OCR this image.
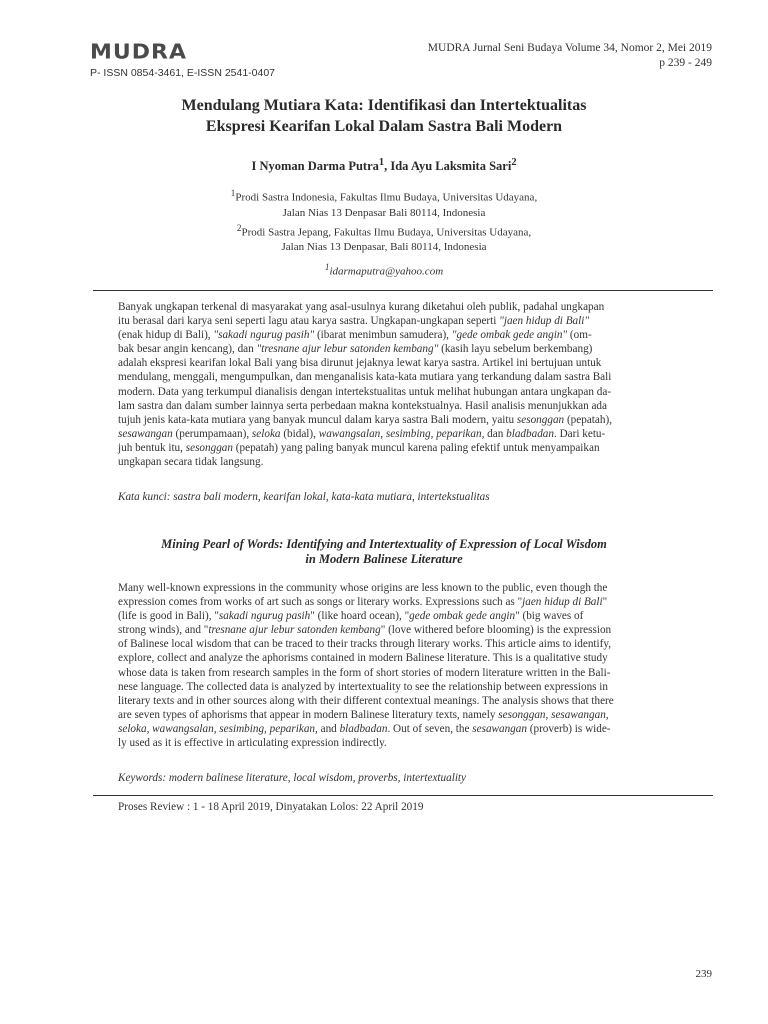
MUDRA
P- ISSN 0854-3461, E-ISSN 2541-0407
MUDRA Jurnal Seni Budaya Volume 34, Nomor 2, Mei 2019
p 239 - 249
Mendulang Mutiara Kata: Identifikasi dan Intertektualitas
Ekspresi Kearifan Lokal Dalam Sastra Bali Modern
I Nyoman Darma Putra$^1$, Ida Ayu Laksmita Sari$^2$
$^1$Prodi Sastra Indonesia, Fakultas Ilmu Budaya, Universitas Udayana,
Jalan Nias 13 Denpasar Bali 80114, Indonesia
$^2$Prodi Sastra Jepang, Fakultas Ilmu Budaya, Universitas Udayana,
Jalan Nias 13 Denpasar, Bali 80114, Indonesia
$^1$idarmaputra@yahoo.com
Banyak ungkapan terkenal di masyarakat yang asal-usulnya kurang diketahui oleh publik, padahal ungkapan
itu berasal dari karya seni seperti lagu atau karya sastra. Ungkapan-ungkapan seperti "jaen hidup di Bali"
(enak hidup di Bali), "sakadi ngurug pasih" (ibarat menimbun samudera), "gede ombak gede angin" (om-
bak besar angin kencang), dan "tresnane ajur lebur satonden kembang" (kasih layu sebelum berkembang)
adalah ekspresi kearifan lokal Bali yang bisa dirunut jejaknya lewat karya sastra. Artikel ini bertujuan untuk
mendulang, menggali, mengumpulkan, dan menganalisis kata-kata mutiara yang terkandung dalam sastra Bali
modern. Data yang terkumpul dianalisis dengan intertekstualitas untuk melihat hubungan antara ungkapan da-
lam sastra dan dalam sumber lainnya serta perbedaan makna kontekstualnya. Hasil analisis menunjukkan ada
tujuh jenis kata-kata mutiara yang banyak muncul dalam karya sastra Bali modern, yaitu sesonggan (pepatah),
sesawangan (perumpamaan), seloka (bidal), wawangsalan, sesimbing, peparikan, dan bladbadan. Dari ketu-
juh bentuk itu, sesonggan (pepatah) yang paling banyak muncul karena paling efektif untuk menyampaikan
ungkapan secara tidak langsung.
Kata kunci: sastra bali modern, kearifan lokal, kata-kata mutiara, intertekstualitas
Mining Pearl of Words: Identifying and Intertextuality of Expression of Local Wisdom
in Modern Balinese Literature
Many well-known expressions in the community whose origins are less known to the public, even though the
expression comes from works of art such as songs or literary works. Expressions such as "jaen hidup di Bali"
(life is good in Bali), "sakadi ngurug pasih" (like hoard ocean), "gede ombak gede angin" (big waves of
strong winds), and "tresnane ajur lebur satonden kembang" (love withered before blooming) is the expression
of Balinese local wisdom that can be traced to their tracks through literary works. This article aims to identify,
explore, collect and analyze the aphorisms contained in modern Balinese literature. This is a qualitative study
whose data is taken from research samples in the form of short stories of modern literature written in the Bali-
nese language. The collected data is analyzed by intertextuality to see the relationship between expressions in
literary texts and in other sources along with their different contextual meanings. The analysis shows that there
are seven types of aphorisms that appear in modern Balinese literatury texts, namely sesonggan, sesawangan,
seloka, wawangsalan, sesimbing, peparikan, and bladbadan. Out of seven, the sesawangan (proverb) is wide-
ly used as it is effective in articulating expression indirectly.
Keywords: modern balinese literature, local wisdom, proverbs, intertextuality
Proses Review : 1 - 18 April 2019, Dinyatakan Lolos: 22 April 2019
239
